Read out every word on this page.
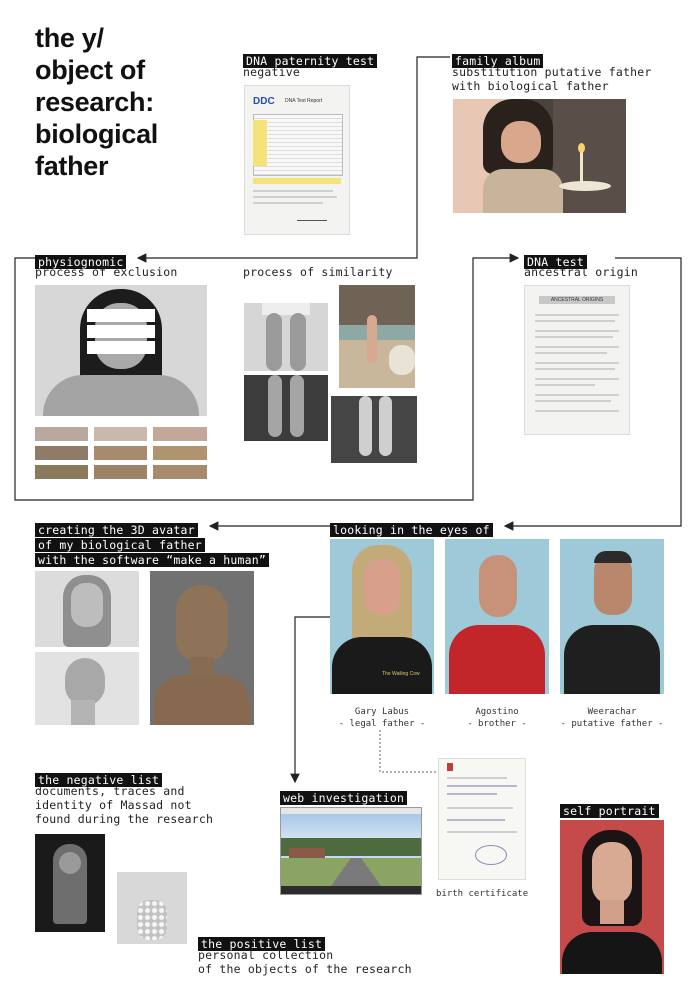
the y/
object of
research:
biological
father
DNA paternity test
negative
DDC DNA Test Report
family album
substitution putative father
with biological father
physiognomic
process of exclusion	process of similarity
DNA test
ancestral origin
ANCESTRAL ORIGINS
looking in the eyes of
The Wailing Cow
Gary Labus
- legal father -
Agostino
- brother -
Weerachar
- putative father -
creating the 3D avatar
of my biological father
with the software “make a human”
the negative list
documents, traces and
identity of Massad not
found during the research
the positive list
personal collection
of the objects of the research
web investigation
birth certificate
self portrait
